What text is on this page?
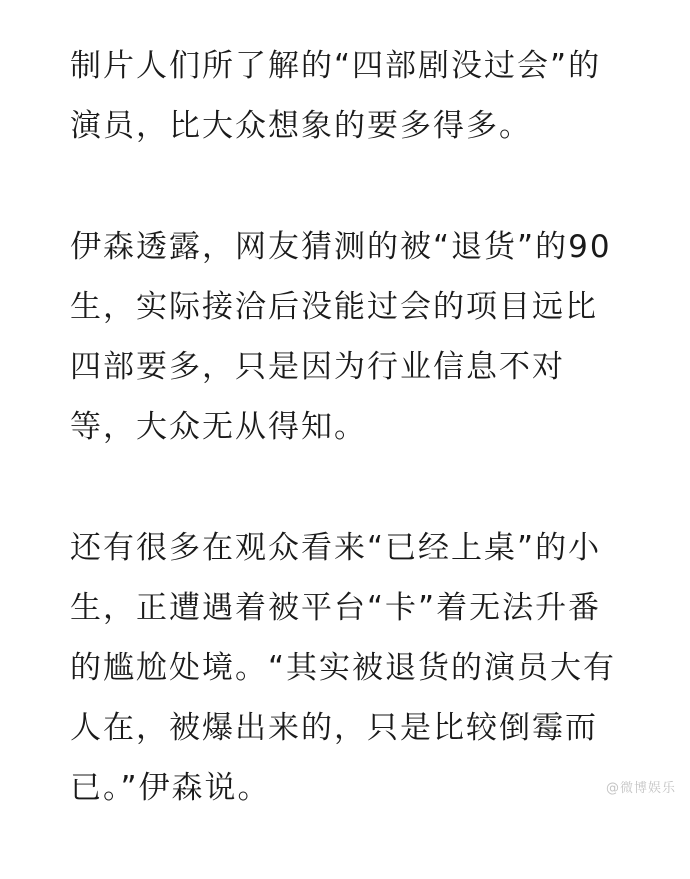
制片人们所了解的“四部剧没过会”的
演员，比大众想象的要多得多。
伊森透露，网友猜测的被“退货”的90
生，实际接洽后没能过会的项目远比
四部要多，只是因为行业信息不对
等，大众无从得知。
还有很多在观众看来“已经上桌”的小
生，正遭遇着被平台“卡”着无法升番
的尴尬处境。“其实被退货的演员大有
人在，被爆出来的，只是比较倒霉而
已。”伊森说。	@微博娱乐
